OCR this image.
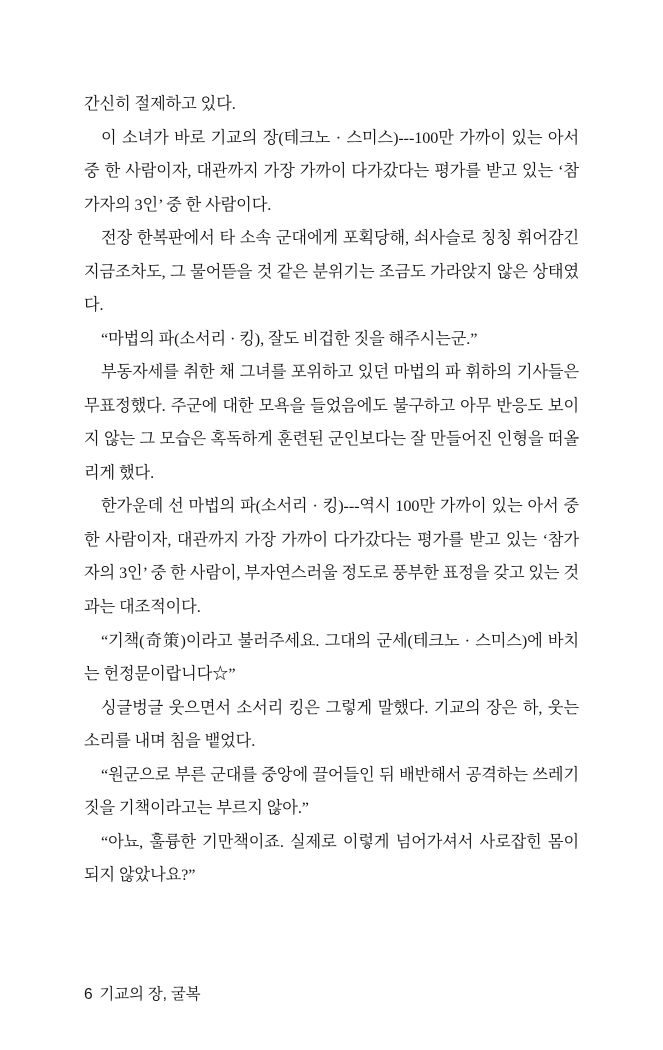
간신히 절제하고 있다.

이 소녀가 바로 기교의 장(테크노 · 스미스)---100만 가까이 있는 아서 중 한 사람이자, 대관까지 가장 가까이 다가갔다는 평가를 받고 있는 ‘참가자의 3인’ 중 한 사람이다.

전장 한복판에서 타 소속 군대에게 포획당해, 쇠사슬로 칭칭 휘어감긴 지금조차도, 그 물어뜯을 것 같은 분위기는 조금도 가라앉지 않은 상태였다.

“마법의 파(소서리 · 킹), 잘도 비겁한 짓을 해주시는군.”

부동자세를 취한 채 그녀를 포위하고 있던 마법의 파 휘하의 기사들은 무표정했다. 주군에 대한 모욕을 들었음에도 불구하고 아무 반응도 보이지 않는 그 모습은 혹독하게 훈련된 군인보다는 잘 만들어진 인형을 떠올리게 했다.

한가운데 선 마법의 파(소서리 · 킹)---역시 100만 가까이 있는 아서 중 한 사람이자, 대관까지 가장 가까이 다가갔다는 평가를 받고 있는 ‘참가자의 3인’ 중 한 사람이, 부자연스러울 정도로 풍부한 표정을 갖고 있는 것과는 대조적이다.

“기책(奇策)이라고 불러주세요. 그대의 군세(테크노 · 스미스)에 바치는 헌정문이랍니다☆”

싱글벙글 웃으면서 소서리 킹은 그렇게 말했다. 기교의 장은 하, 웃는 소리를 내며 침을 뱉었다.

“원군으로 부른 군대를 중앙에 끌어들인 뒤 배반해서 공격하는 쓰레기 짓을 기책이라고는 부르지 않아.”

“아뇨, 훌륭한 기만책이죠. 실제로 이렇게 넘어가셔서 사로잡힌 몸이 되지 않았나요?”

6 기교의 장, 굴복
